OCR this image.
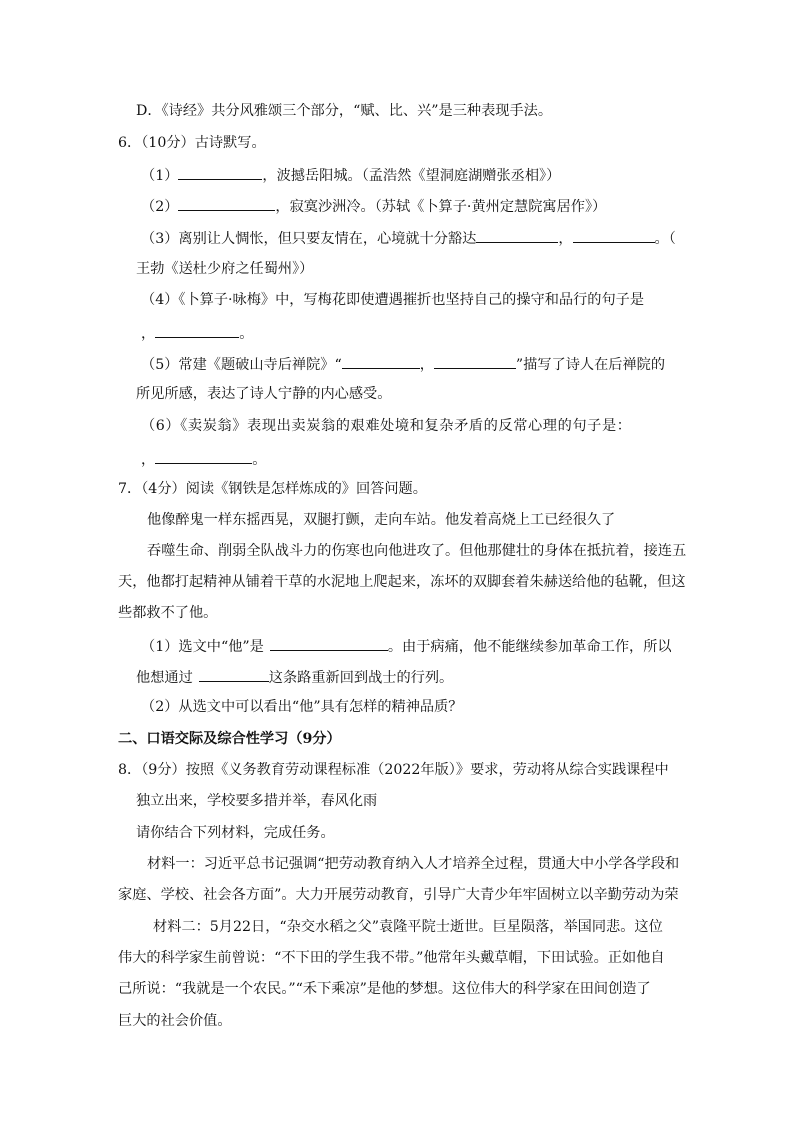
D．《诗经》共分风雅颂三个部分，“赋、比、兴”是三种表现手法。
6．（10分）古诗默写。
（1）	，波撼岳阳城。（孟浩然《望洞庭湖赠张丞相》）
（2）	，寂寞沙洲冷。（苏轼《卜算子·黄州定慧院寓居作》）
（3）离别让人惆怅，但只要友情在，心境就十分豁达	，	。（
王勃《送杜少府之任蜀州》）
（4）《卜算子·咏梅》中，写梅花即使遭遇摧折也坚持自己的操守和品行的句子是
，	。
（5）常建《题破山寺后禅院》“	，	”描写了诗人在后禅院的
所见所感，表达了诗人宁静的内心感受。
（6）《卖炭翁》表现出卖炭翁的艰难处境和复杂矛盾的反常心理的句子是：
，	。
7．（4分）阅读《钢铁是怎样炼成的》回答问题。
他像醉鬼一样东摇西晃，双腿打颤，走向车站。他发着高烧上工已经很久了
吞噬生命、削弱全队战斗力的伤寒也向他进攻了。但他那健壮的身体在抵抗着，接连五
天，他都打起精神从铺着干草的水泥地上爬起来，冻坏的双脚套着朱赫送给他的毡靴，但这
些都救不了他。
（1）选文中“他”是	。由于病痛，他不能继续参加革命工作，所以
他想通过	这条路重新回到战士的行列。
（2）从选文中可以看出“他”具有怎样的精神品质？
二、口语交际及综合性学习（9分）
8．（9分）按照《义务教育劳动课程标准（2022年版）》要求，劳动将从综合实践课程中
独立出来，学校要多措并举，春风化雨
请你结合下列材料，完成任务。
材料一：习近平总书记强调“把劳动教育纳入人才培养全过程，贯通大中小学各学段和
家庭、学校、社会各方面”。大力开展劳动教育，引导广大青少年牢固树立以辛勤劳动为荣
材料二：5月22日，“杂交水稻之父”袁隆平院士逝世。巨星陨落，举国同悲。这位
伟大的科学家生前曾说：“不下田的学生我不带。”他常年头戴草帽，下田试验。正如他自
己所说：“我就是一个农民。”“禾下乘凉”是他的梦想。这位伟大的科学家在田间创造了
巨大的社会价值。
